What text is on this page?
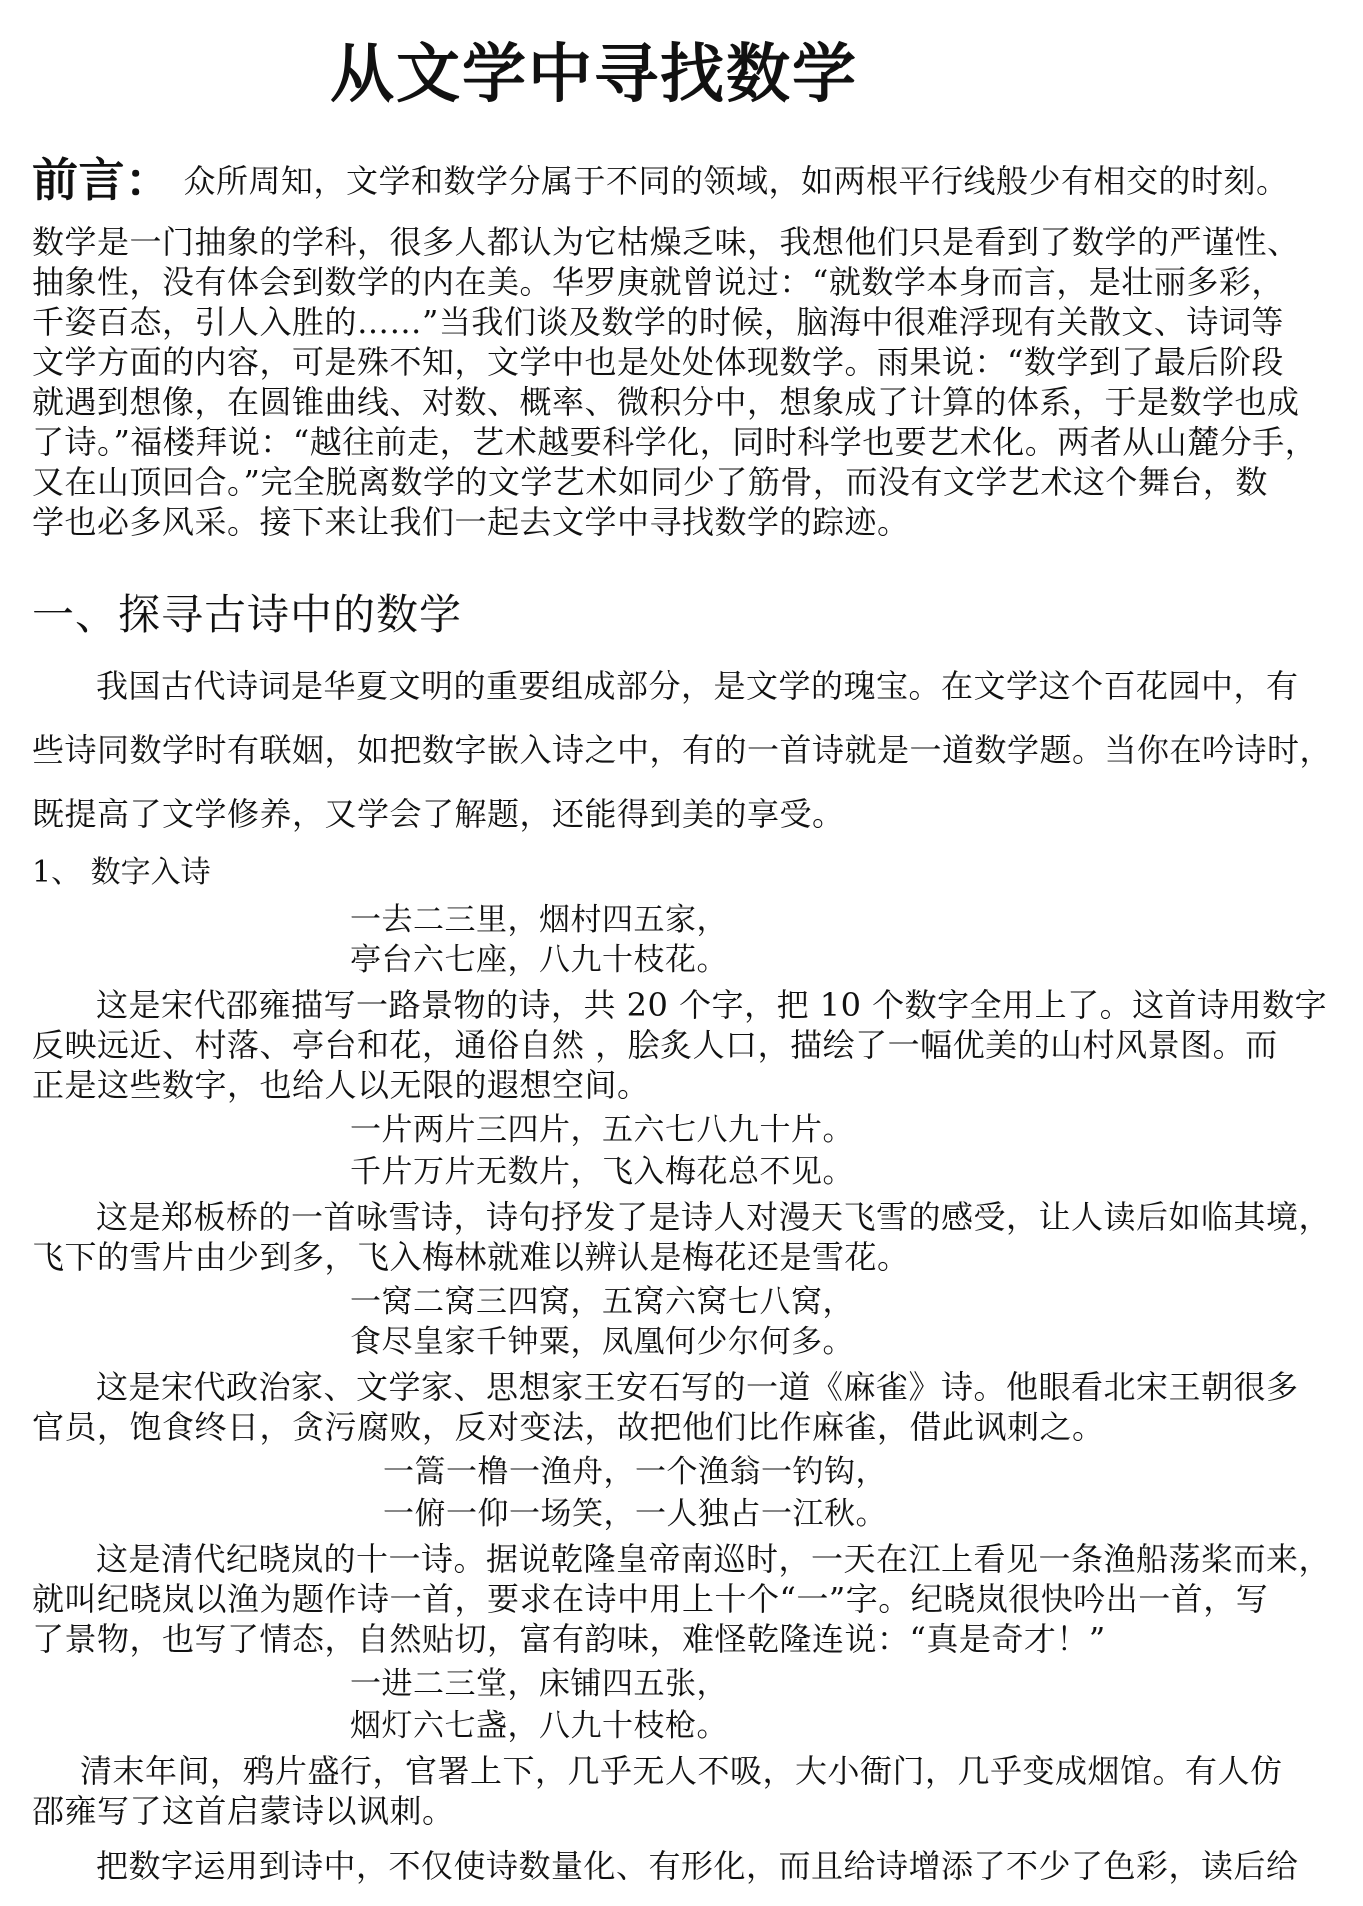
从文学中寻找数学
前言： 众所周知，文学和数学分属于不同的领域，如两根平行线般少有相交的时刻。
数学是一门抽象的学科，很多人都认为它枯燥乏味，我想他们只是看到了数学的严谨性、
抽象性，没有体会到数学的内在美。华罗庚就曾说过：“就数学本身而言，是壮丽多彩，
千姿百态，引人入胜的……”当我们谈及数学的时候，脑海中很难浮现有关散文、诗词等
文学方面的内容，可是殊不知，文学中也是处处体现数学。雨果说：“数学到了最后阶段
就遇到想像，在圆锥曲线、对数、概率、微积分中，想象成了计算的体系，于是数学也成
了诗。”福楼拜说：“越往前走，艺术越要科学化，同时科学也要艺术化。两者从山麓分手，
又在山顶回合。”完全脱离数学的文学艺术如同少了筋骨，而没有文学艺术这个舞台，数
学也必多风采。接下来让我们一起去文学中寻找数学的踪迹。
一、探寻古诗中的数学
我国古代诗词是华夏文明的重要组成部分，是文学的瑰宝。在文学这个百花园中，有
些诗同数学时有联姻，如把数字嵌入诗之中，有的一首诗就是一道数学题。当你在吟诗时，
既提高了文学修养，又学会了解题，还能得到美的享受。
1、 数字入诗
一去二三里，烟村四五家，
亭台六七座，八九十枝花。
这是宋代邵雍描写一路景物的诗，共 20 个字，把 10 个数字全用上了。这首诗用数字
反映远近、村落、亭台和花，通俗自然 ，脍炙人口，描绘了一幅优美的山村风景图。而
正是这些数字，也给人以无限的遐想空间。
一片两片三四片，五六七八九十片。
千片万片无数片，飞入梅花总不见。
这是郑板桥的一首咏雪诗，诗句抒发了是诗人对漫天飞雪的感受，让人读后如临其境，
飞下的雪片由少到多，飞入梅林就难以辨认是梅花还是雪花。
一窝二窝三四窝，五窝六窝七八窝，
食尽皇家千钟粟，凤凰何少尔何多。
这是宋代政治家、文学家、思想家王安石写的一道《麻雀》诗。他眼看北宋王朝很多
官员，饱食终日，贪污腐败，反对变法，故把他们比作麻雀，借此讽刺之。
一篙一橹一渔舟，一个渔翁一钓钩，
一俯一仰一场笑，一人独占一江秋。
这是清代纪晓岚的十一诗。据说乾隆皇帝南巡时，一天在江上看见一条渔船荡桨而来，
就叫纪晓岚以渔为题作诗一首，要求在诗中用上十个“一”字。纪晓岚很快吟出一首，写
了景物，也写了情态，自然贴切，富有韵味，难怪乾隆连说：“真是奇才！”
一进二三堂，床铺四五张，
烟灯六七盏，八九十枝枪。
清末年间，鸦片盛行，官署上下，几乎无人不吸，大小衙门，几乎变成烟馆。有人仿
邵雍写了这首启蒙诗以讽刺。
把数字运用到诗中，不仅使诗数量化、有形化，而且给诗增添了不少了色彩，读后给
